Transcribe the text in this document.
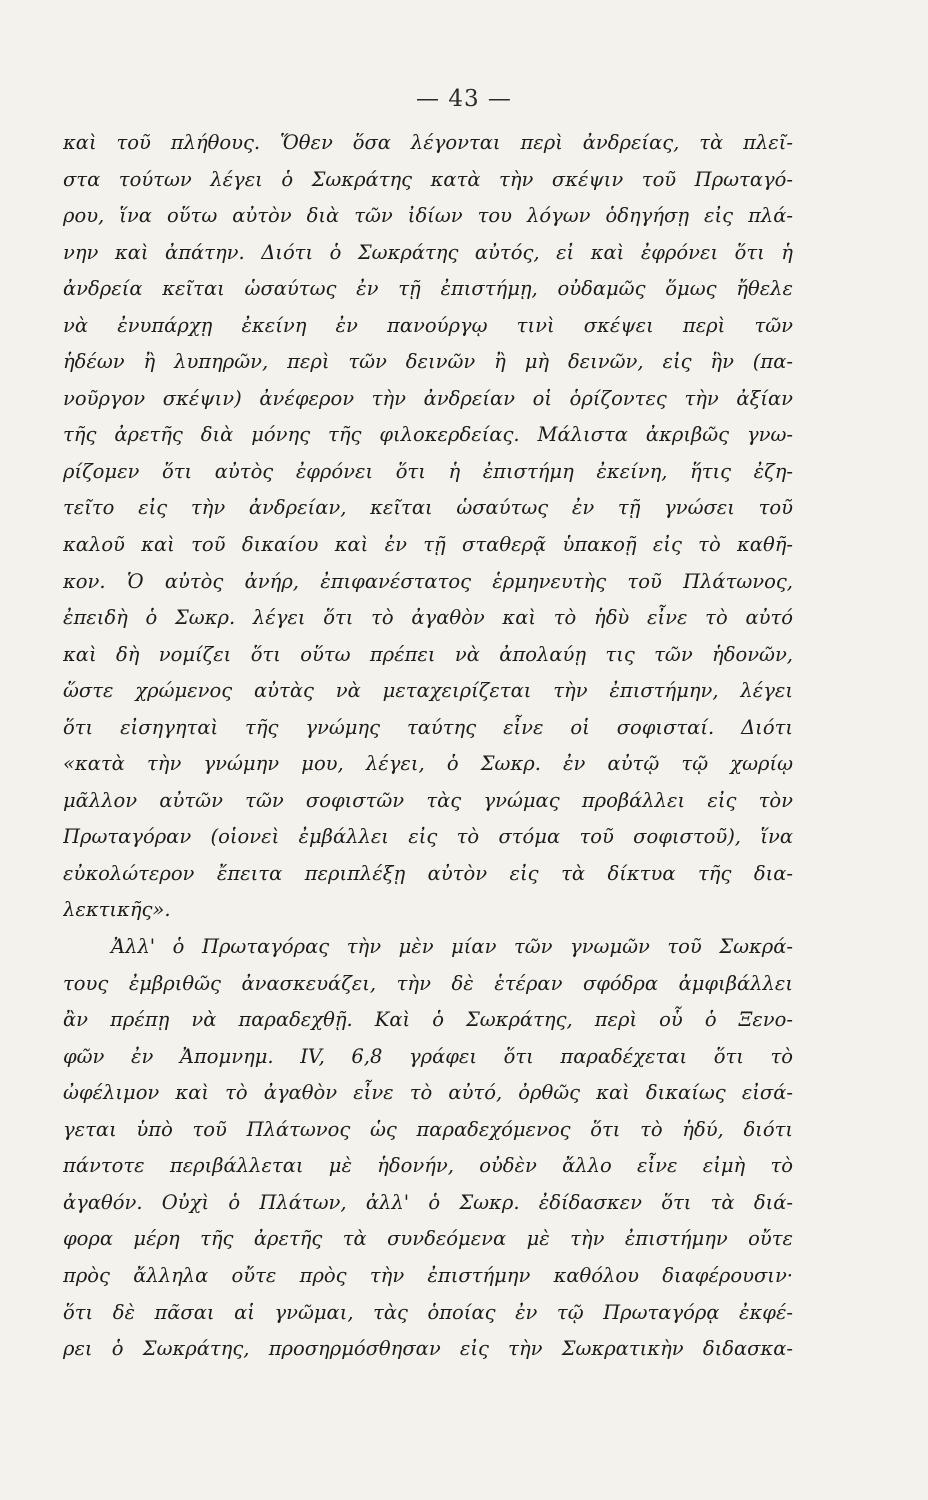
— 43 —
καὶ τοῦ πλήθους. Ὅθεν ὅσα λέγονται περὶ ἀνδρείας, τὰ πλεῖ-
στα τούτων λέγει ὁ Σωκράτης κατὰ τὴν σκέψιν τοῦ Πρωταγό-
ρου, ἵνα οὕτω αὐτὸν διὰ τῶν ἰδίων του λόγων ὁδηγήσῃ εἰς πλά-
νην καὶ ἀπάτην. Διότι ὁ Σωκράτης αὐτός, εἰ καὶ ἐφρόνει ὅτι ἡ
ἀνδρεία κεῖται ὡσαύτως ἐν τῇ ἐπιστήμῃ, οὐδαμῶς ὅμως ἤθελε
νὰ ἐνυπάρχῃ ἐκείνη ἐν πανούργῳ τινὶ σκέψει περὶ τῶν
ἡδέων ἢ λυπηρῶν, περὶ τῶν δεινῶν ἢ μὴ δεινῶν, εἰς ἣν (πα-
νοῦργον σκέψιν) ἀνέφερον τὴν ἀνδρείαν οἱ ὁρίζοντες τὴν ἀξίαν
τῆς ἀρετῆς διὰ μόνης τῆς φιλοκερδείας. Μάλιστα ἀκριβῶς γνω-
ρίζομεν ὅτι αὐτὸς ἐφρόνει ὅτι ἡ ἐπιστήμη ἐκείνη, ἥτις ἐζη-
τεῖτο εἰς τὴν ἀνδρείαν, κεῖται ὡσαύτως ἐν τῇ γνώσει τοῦ
καλοῦ καὶ τοῦ δικαίου καὶ ἐν τῇ σταθερᾷ ὑπακοῇ εἰς τὸ καθῆ-
κον. Ὁ αὐτὸς ἀνήρ, ἐπιφανέστατος ἑρμηνευτὴς τοῦ Πλάτωνος,
ἐπειδὴ ὁ Σωκρ. λέγει ὅτι τὸ ἀγαθὸν καὶ τὸ ἡδὺ εἶνε τὸ αὐτό
καὶ δὴ νομίζει ὅτι οὕτω πρέπει νὰ ἀπολαύῃ τις τῶν ἡδονῶν,
ὥστε χρώμενος αὐτὰς νὰ μεταχειρίζεται τὴν ἐπιστήμην, λέγει
ὅτι εἰσηγηταὶ τῆς γνώμης ταύτης εἶνε οἱ σοφισταί. Διότι
«κατὰ τὴν γνώμην μου, λέγει, ὁ Σωκρ. ἐν αὐτῷ τῷ χωρίῳ
μᾶλλον αὐτῶν τῶν σοφιστῶν τὰς γνώμας προβάλλει εἰς τὸν
Πρωταγόραν (οἱονεὶ ἐμβάλλει εἰς τὸ στόμα τοῦ σοφιστοῦ), ἵνα
εὐκολώτερον ἔπειτα περιπλέξῃ αὐτὸν εἰς τὰ δίκτυα τῆς δια-
λεκτικῆς».
Ἀλλ' ὁ Πρωταγόρας τὴν μὲν μίαν τῶν γνωμῶν τοῦ Σωκρά-
τους ἐμβριθῶς ἀνασκευάζει, τὴν δὲ ἑτέραν σφόδρα ἀμφιβάλλει
ἂν πρέπῃ νὰ παραδεχθῇ. Καὶ ὁ Σωκράτης, περὶ οὗ ὁ Ξενο-
φῶν ἐν Ἀπομνημ. IV, 6,8 γράφει ὅτι παραδέχεται ὅτι τὸ
ὠφέλιμον καὶ τὸ ἀγαθὸν εἶνε τὸ αὐτό, ὀρθῶς καὶ δικαίως εἰσά-
γεται ὑπὸ τοῦ Πλάτωνος ὡς παραδεχόμενος ὅτι τὸ ἡδύ, διότι
πάντοτε περιβάλλεται μὲ ἡδονήν, οὐδὲν ἄλλο εἶνε εἰμὴ τὸ
ἀγαθόν. Οὐχὶ ὁ Πλάτων, ἀλλ' ὁ Σωκρ. ἐδίδασκεν ὅτι τὰ διά-
φορα μέρη τῆς ἀρετῆς τὰ συνδεόμενα μὲ τὴν ἐπιστήμην οὔτε
πρὸς ἄλληλα οὔτε πρὸς τὴν ἐπιστήμην καθόλου διαφέρουσιν·
ὅτι δὲ πᾶσαι αἱ γνῶμαι, τὰς ὁποίας ἐν τῷ Πρωταγόρᾳ ἐκφέ-
ρει ὁ Σωκράτης, προσηρμόσθησαν εἰς τὴν Σωκρατικὴν διδασκα-
